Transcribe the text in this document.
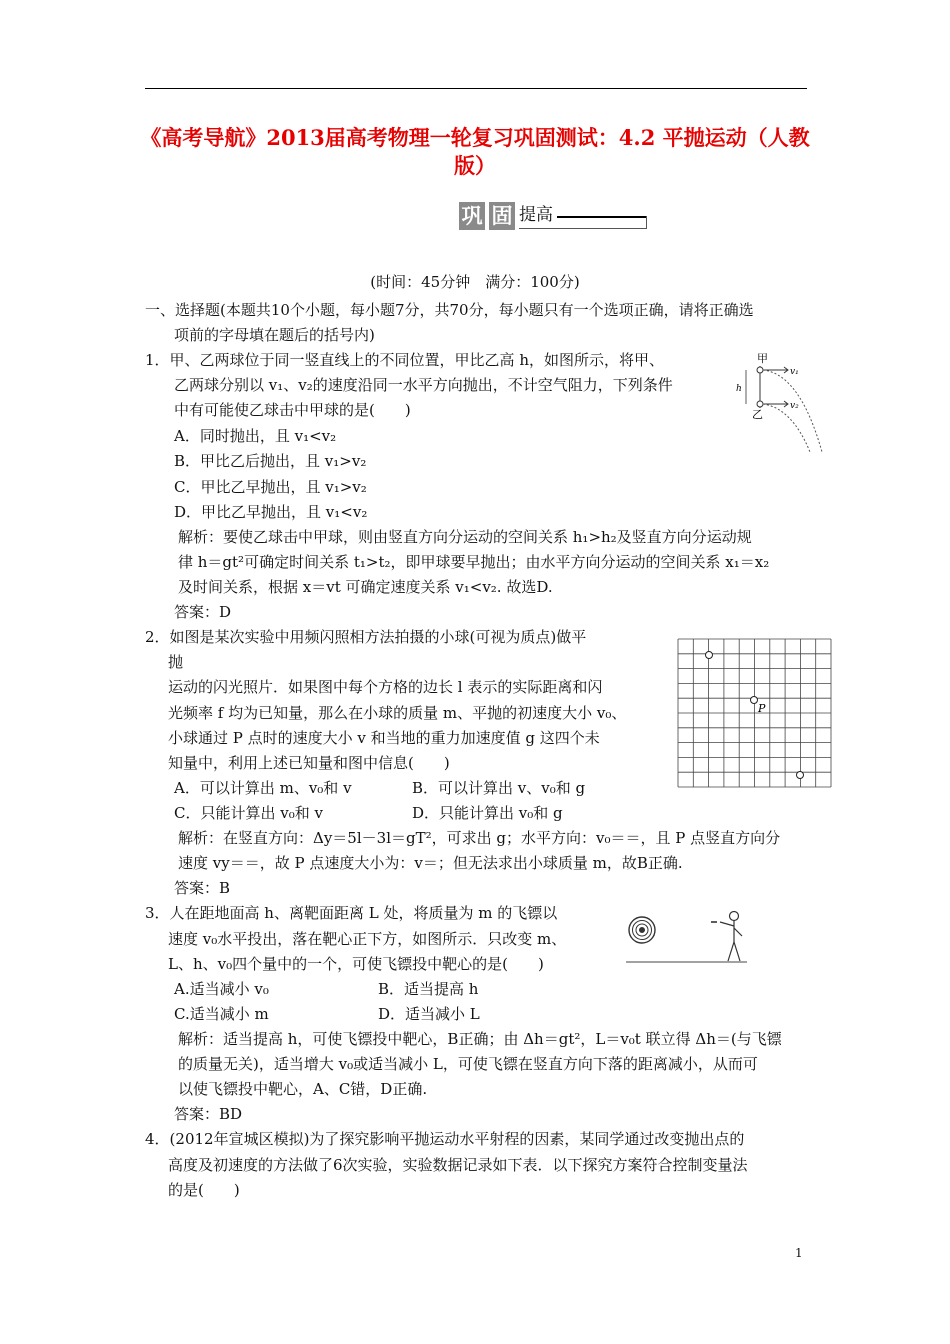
《高考导航》2013届高考物理一轮复习巩固测试：4.2 平抛运动（人教版）
巩 固 提高
(时间：45分钟　满分：100分)
一、选择题(本题共10个小题，每小题7分，共70分，每小题只有一个选项正确，请将正确选
项前的字母填在题后的括号内)
1．甲、乙两球位于同一竖直线上的不同位置，甲比乙高 h，如图所示，将甲、
乙两球分别以 v₁、v₂的速度沿同一水平方向抛出，不计空气阻力，下列条件
中有可能使乙球击中甲球的是(　　)
A．同时抛出，且 v₁<v₂
B．甲比乙后抛出，且 v₁>v₂
C．甲比乙早抛出，且 v₁>v₂
D．甲比乙早抛出，且 v₁<v₂
解析：要使乙球击中甲球，则由竖直方向分运动的空间关系 h₁>h₂及竖直方向分运动规
律 h＝gt²可确定时间关系 t₁>t₂，即甲球要早抛出；由水平方向分运动的空间关系 x₁＝x₂
及时间关系，根据 x＝vt 可确定速度关系 v₁<v₂. 故选D.
答案：D
甲
乙
h
v₁
v₂
2．如图是某次实验中用频闪照相方法拍摄的小球(可视为质点)做平
抛
运动的闪光照片．如果图中每个方格的边长 l 表示的实际距离和闪
光频率 f 均为已知量，那么在小球的质量 m、平抛的初速度大小 v₀、
小球通过 P 点时的速度大小 v 和当地的重力加速度值 g 这四个未
知量中，利用上述已知量和图中信息(　　)
A．可以计算出 m、v₀和 v	B．可以计算出 v、v₀和 g
C．只能计算出 v₀和 v	D．只能计算出 v₀和 g
解析：在竖直方向：Δy＝5l－3l＝gT²，可求出 g；水平方向：v₀＝＝，且 P 点竖直方向分
速度 vy＝＝，故 P 点速度大小为：v＝；但无法求出小球质量 m，故B正确.
答案：B
P
3．人在距地面高 h、离靶面距离 L 处，将质量为 m 的飞镖以
速度 v₀水平投出，落在靶心正下方，如图所示．只改变 m、
L、h、v₀四个量中的一个，可使飞镖投中靶心的是(　　)
A.适当减小 v₀	B．适当提高 h
C.适当减小 m	D．适当减小 L
解析：适当提高 h，可使飞镖投中靶心，B正确；由 Δh＝gt²，L＝v₀t 联立得 Δh＝(与飞镖
的质量无关)，适当增大 v₀或适当减小 L，可使飞镖在竖直方向下落的距离减小，从而可
以使飞镖投中靶心，A、C错，D正确.
答案：BD
4．(2012年宣城区模拟)为了探究影响平抛运动水平射程的因素，某同学通过改变抛出点的
高度及初速度的方法做了6次实验，实验数据记录如下表．以下探究方案符合控制变量法
的是(　　)
1
